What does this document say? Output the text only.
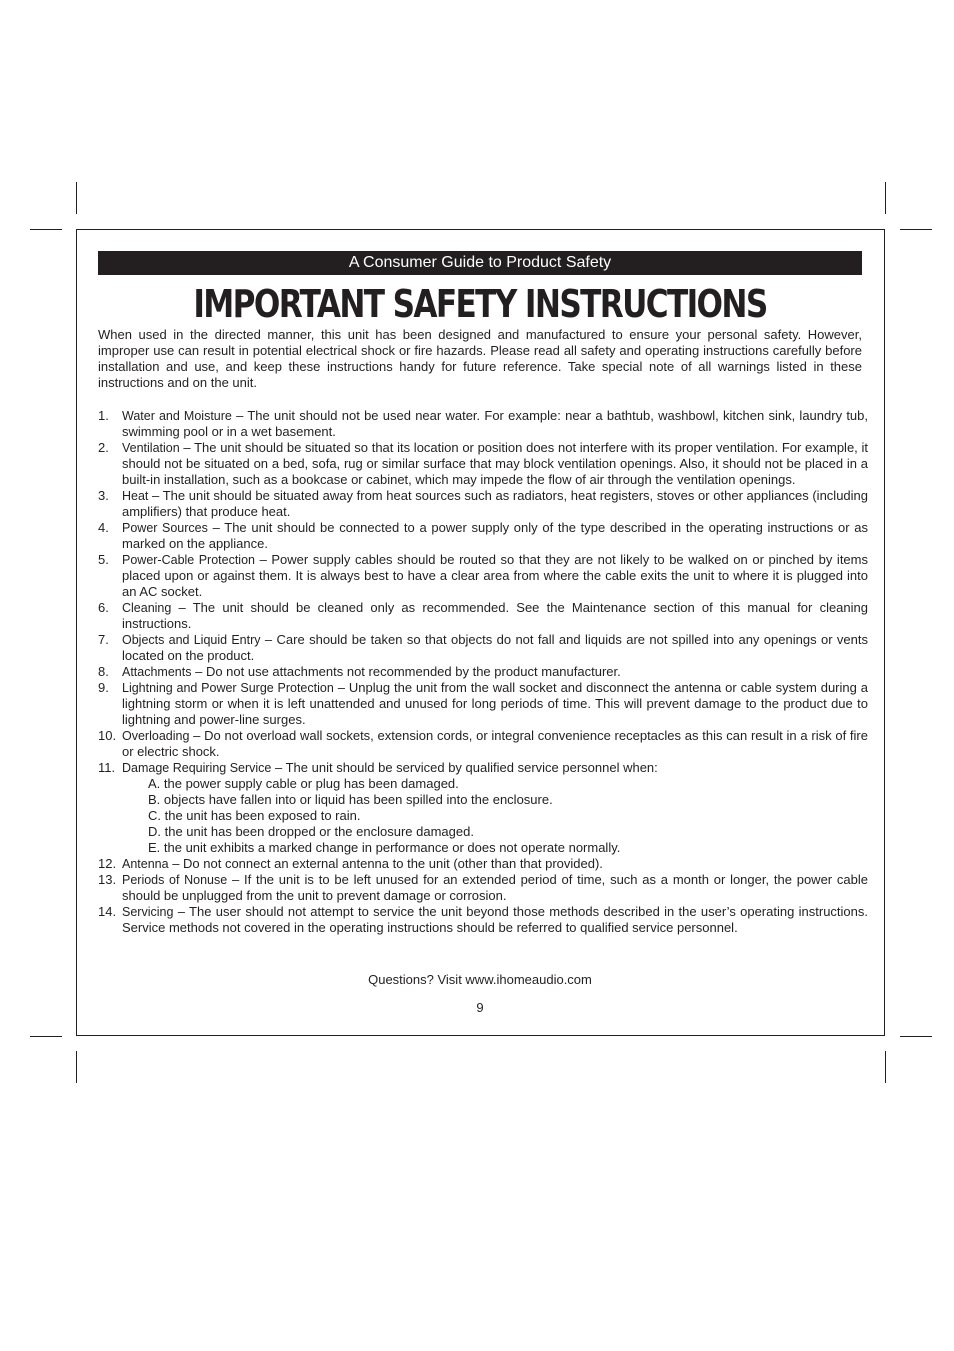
A Consumer Guide to Product Safety
IMPORTANT SAFETY INSTRUCTIONS
When used in the directed manner, this unit has been designed and manufactured to ensure your personal safety. However, improper use can result in potential electrical shock or fire hazards. Please read all safety and operating instructions carefully before installation and use, and keep these instructions handy for future reference. Take special note of all warnings listed in these instructions and on the unit.
1. Water and Moisture – The unit should not be used near water. For example: near a bathtub, washbowl, kitchen sink, laundry tub, swimming pool or in a wet basement.
2. Ventilation – The unit should be situated so that its location or position does not interfere with its proper ventilation. For example, it should not be situated on a bed, sofa, rug or similar surface that may block ventilation openings. Also, it should not be placed in a built-in installation, such as a bookcase or cabinet, which may impede the flow of air through the ventilation openings.
3. Heat – The unit should be situated away from heat sources such as radiators, heat registers, stoves or other appliances (including amplifiers) that produce heat.
4. Power Sources – The unit should be connected to a power supply only of the type described in the operating instructions or as marked on the appliance.
5. Power-Cable Protection – Power supply cables should be routed so that they are not likely to be walked on or pinched by items placed upon or against them. It is always best to have a clear area from where the cable exits the unit to where it is plugged into an AC socket.
6. Cleaning – The unit should be cleaned only as recommended. See the Maintenance section of this manual for cleaning instructions.
7. Objects and Liquid Entry – Care should be taken so that objects do not fall and liquids are not spilled into any openings or vents located on the product.
8. Attachments – Do not use attachments not recommended by the product manufacturer.
9. Lightning and Power Surge Protection – Unplug the unit from the wall socket and disconnect the antenna or cable system during a lightning storm or when it is left unattended and unused for long periods of time. This will prevent damage to the product due to lightning and power-line surges.
10. Overloading – Do not overload wall sockets, extension cords, or integral convenience receptacles as this can result in a risk of fire or electric shock.
11. Damage Requiring Service – The unit should be serviced by qualified service personnel when:
A. the power supply cable or plug has been damaged.
B. objects have fallen into or liquid has been spilled into the enclosure.
C. the unit has been exposed to rain.
D. the unit has been dropped or the enclosure damaged.
E. the unit exhibits a marked change in performance or does not operate normally.
12. Antenna – Do not connect an external antenna to the unit (other than that provided).
13. Periods of Nonuse – If the unit is to be left unused for an extended period of time, such as a month or longer, the power cable should be unplugged from the unit to prevent damage or corrosion.
14. Servicing – The user should not attempt to service the unit beyond those methods described in the user’s operating instructions. Service methods not covered in the operating instructions should be referred to qualified service personnel.
Questions? Visit www.ihomeaudio.com
9
